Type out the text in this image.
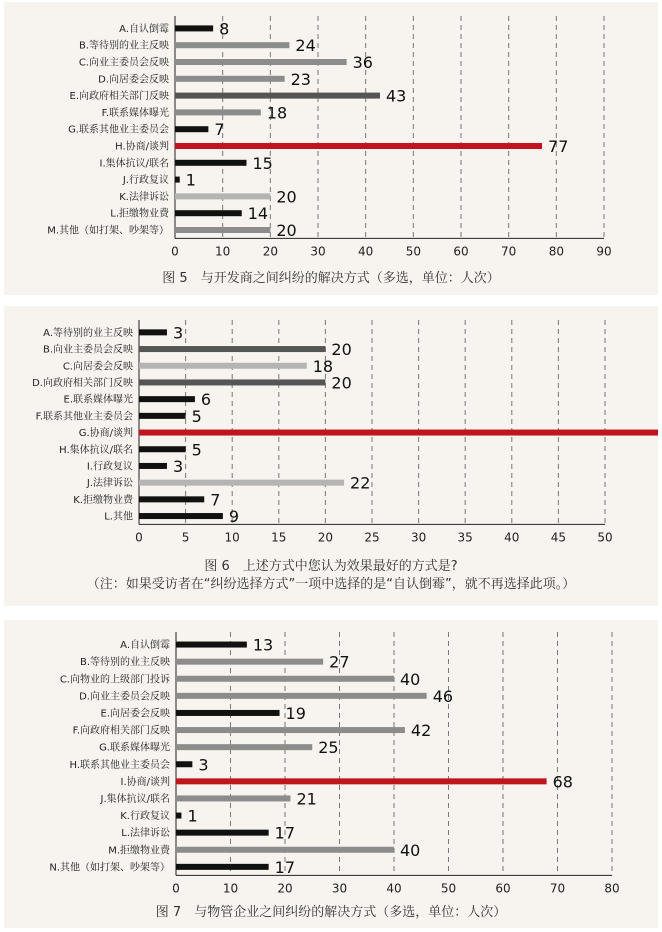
0	10	20	30	40	50	60	70	80	90
A.自认倒霉	8
B.等待别的业主反映	24
C.向业主委员会反映	36
D.向居委会反映	23
E.向政府相关部门反映	43
F.联系媒体曝光	18
G.联系其他业主委员会	7
H.协商/谈判	77
I.集体抗议/联名	15
J.行政复议 1
K.法律诉讼	20
L.拒缴物业费	14
M.其他（如打架、吵架等）	20
图 5　与开发商之间纠纷的解决方式（多选，单位：人次）
0	5	10	15	20	25	30	35	40	45	50
A.等待别的业主反映 3
B.向业主委员会反映	20
C.向居委会反映	18
D.向政府相关部门反映	20
E.联系媒体曝光	6
F.联系其他业主委员会	5
G.协商/谈判
H.集体抗议/联名	5
I.行政复议 3
J.法律诉讼	22
K.拒缴物业费	7
L.其他	9
图 6　上述方式中您认为效果最好的方式是?
（注：如果受访者在“纠纷选择方式”一项中选择的是“自认倒霉”，就不再选择此项。）
0	10	20	30	40	50	60	70	80
A.自认倒霉	13
B.等待别的业主反映	27
C.向物业的上级部门投诉	40
D.向业主委员会反映	46
E.向居委会反映	19
F.向政府相关部门反映	42
G.联系媒体曝光	25
H.联系其他业主委员会 3
I.协商/谈判	68
J.集体抗议/联名	21
K.行政复议 1
L.法律诉讼	17
M.拒缴物业费	40
N.其他（如打架、吵架等）	17
图 7　与物管企业之间纠纷的解决方式（多选，单位：人次）
